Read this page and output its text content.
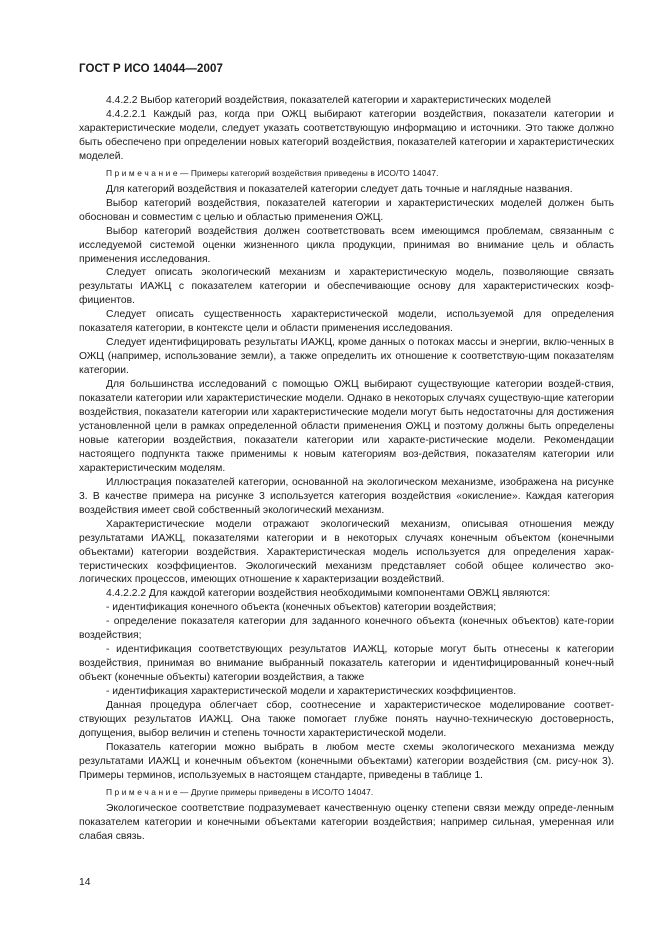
ГОСТ Р ИСО 14044—2007

4.4.2.2 Выбор категорий воздействия, показателей категории и характеристических моделей

4.4.2.2.1 Каждый раз, когда при ОЖЦ выбирают категории воздействия, показатели категории и характеристические модели, следует указать соответствующую информацию и источники. Это также должно быть обеспечено при определении новых категорий воздействия, показателей категории и характеристических моделей.

П р и м е ч а н и е — Примеры категорий воздействия приведены в ИСО/ТО 14047.

Для категорий воздействия и показателей категории следует дать точные и наглядные названия.

Выбор категорий воздействия, показателей категории и характеристических моделей должен быть обоснован и совместим с целью и областью применения ОЖЦ.

Выбор категорий воздействия должен соответствовать всем имеющимся проблемам, связанным с исследуемой системой оценки жизненного цикла продукции, принимая во внимание цель и область применения исследования.

Следует описать экологический механизм и характеристическую модель, позволяющие связать результаты ИАЖЦ с показателем категории и обеспечивающие основу для характеристических коэф-фициентов.

Следует описать существенность характеристической модели, используемой для определения показателя категории, в контексте цели и области применения исследования.

Следует идентифицировать результаты ИАЖЦ, кроме данных о потоках массы и энергии, вклю-ченных в ОЖЦ (например, использование земли), а также определить их отношение к соответствую-щим показателям категории.

Для большинства исследований с помощью ОЖЦ выбирают существующие категории воздей-ствия, показатели категории или характеристические модели. Однако в некоторых случаях существую-щие категории воздействия, показатели категории или характеристические модели могут быть недостаточны для достижения установленной цели в рамках определенной области применения ОЖЦ и поэтому должны быть определены новые категории воздействия, показатели категории или характе-ристические модели. Рекомендации настоящего подпункта также применимы к новым категориям воз-действия, показателям категории или характеристическим моделям.

Иллюстрация показателей категории, основанной на экологическом механизме, изображена на рисунке 3. В качестве примера на рисунке 3 используется категория воздействия «окисление». Каждая категория воздействия имеет свой собственный экологический механизм.

Характеристические модели отражают экологический механизм, описывая отношения между результатами ИАЖЦ, показателями категории и в некоторых случаях конечным объектом (конечными объектами) категории воздействия. Характеристическая модель используется для определения харак-теристических коэффициентов. Экологический механизм представляет собой общее количество эко-логических процессов, имеющих отношение к характеризации воздействий.

4.4.2.2.2 Для каждой категории воздействия необходимыми компонентами ОВЖЦ являются:

- идентификация конечного объекта (конечных объектов) категории воздействия;

- определение показателя категории для заданного конечного объекта (конечных объектов) кате-гории воздействия;

- идентификация соответствующих результатов ИАЖЦ, которые могут быть отнесены к категории воздействия, принимая во внимание выбранный показатель категории и идентифицированный конеч-ный объект (конечные объекты) категории воздействия, а также

- идентификация характеристической модели и характеристических коэффициентов.

Данная процедура облегчает сбор, соотнесение и характеристическое моделирование соответ-ствующих результатов ИАЖЦ. Она также помогает глубже понять научно-техническую достоверность, допущения, выбор величин и степень точности характеристической модели.

Показатель категории можно выбрать в любом месте схемы экологического механизма между результатами ИАЖЦ и конечным объектом (конечными объектами) категории воздействия (см. рису-нок 3). Примеры терминов, используемых в настоящем стандарте, приведены в таблице 1.

П р и м е ч а н и е — Другие примеры приведены в ИСО/ТО 14047.

Экологическое соответствие подразумевает качественную оценку степени связи между опреде-ленным показателем категории и конечными объектами категории воздействия; например сильная, умеренная или слабая связь.

14
